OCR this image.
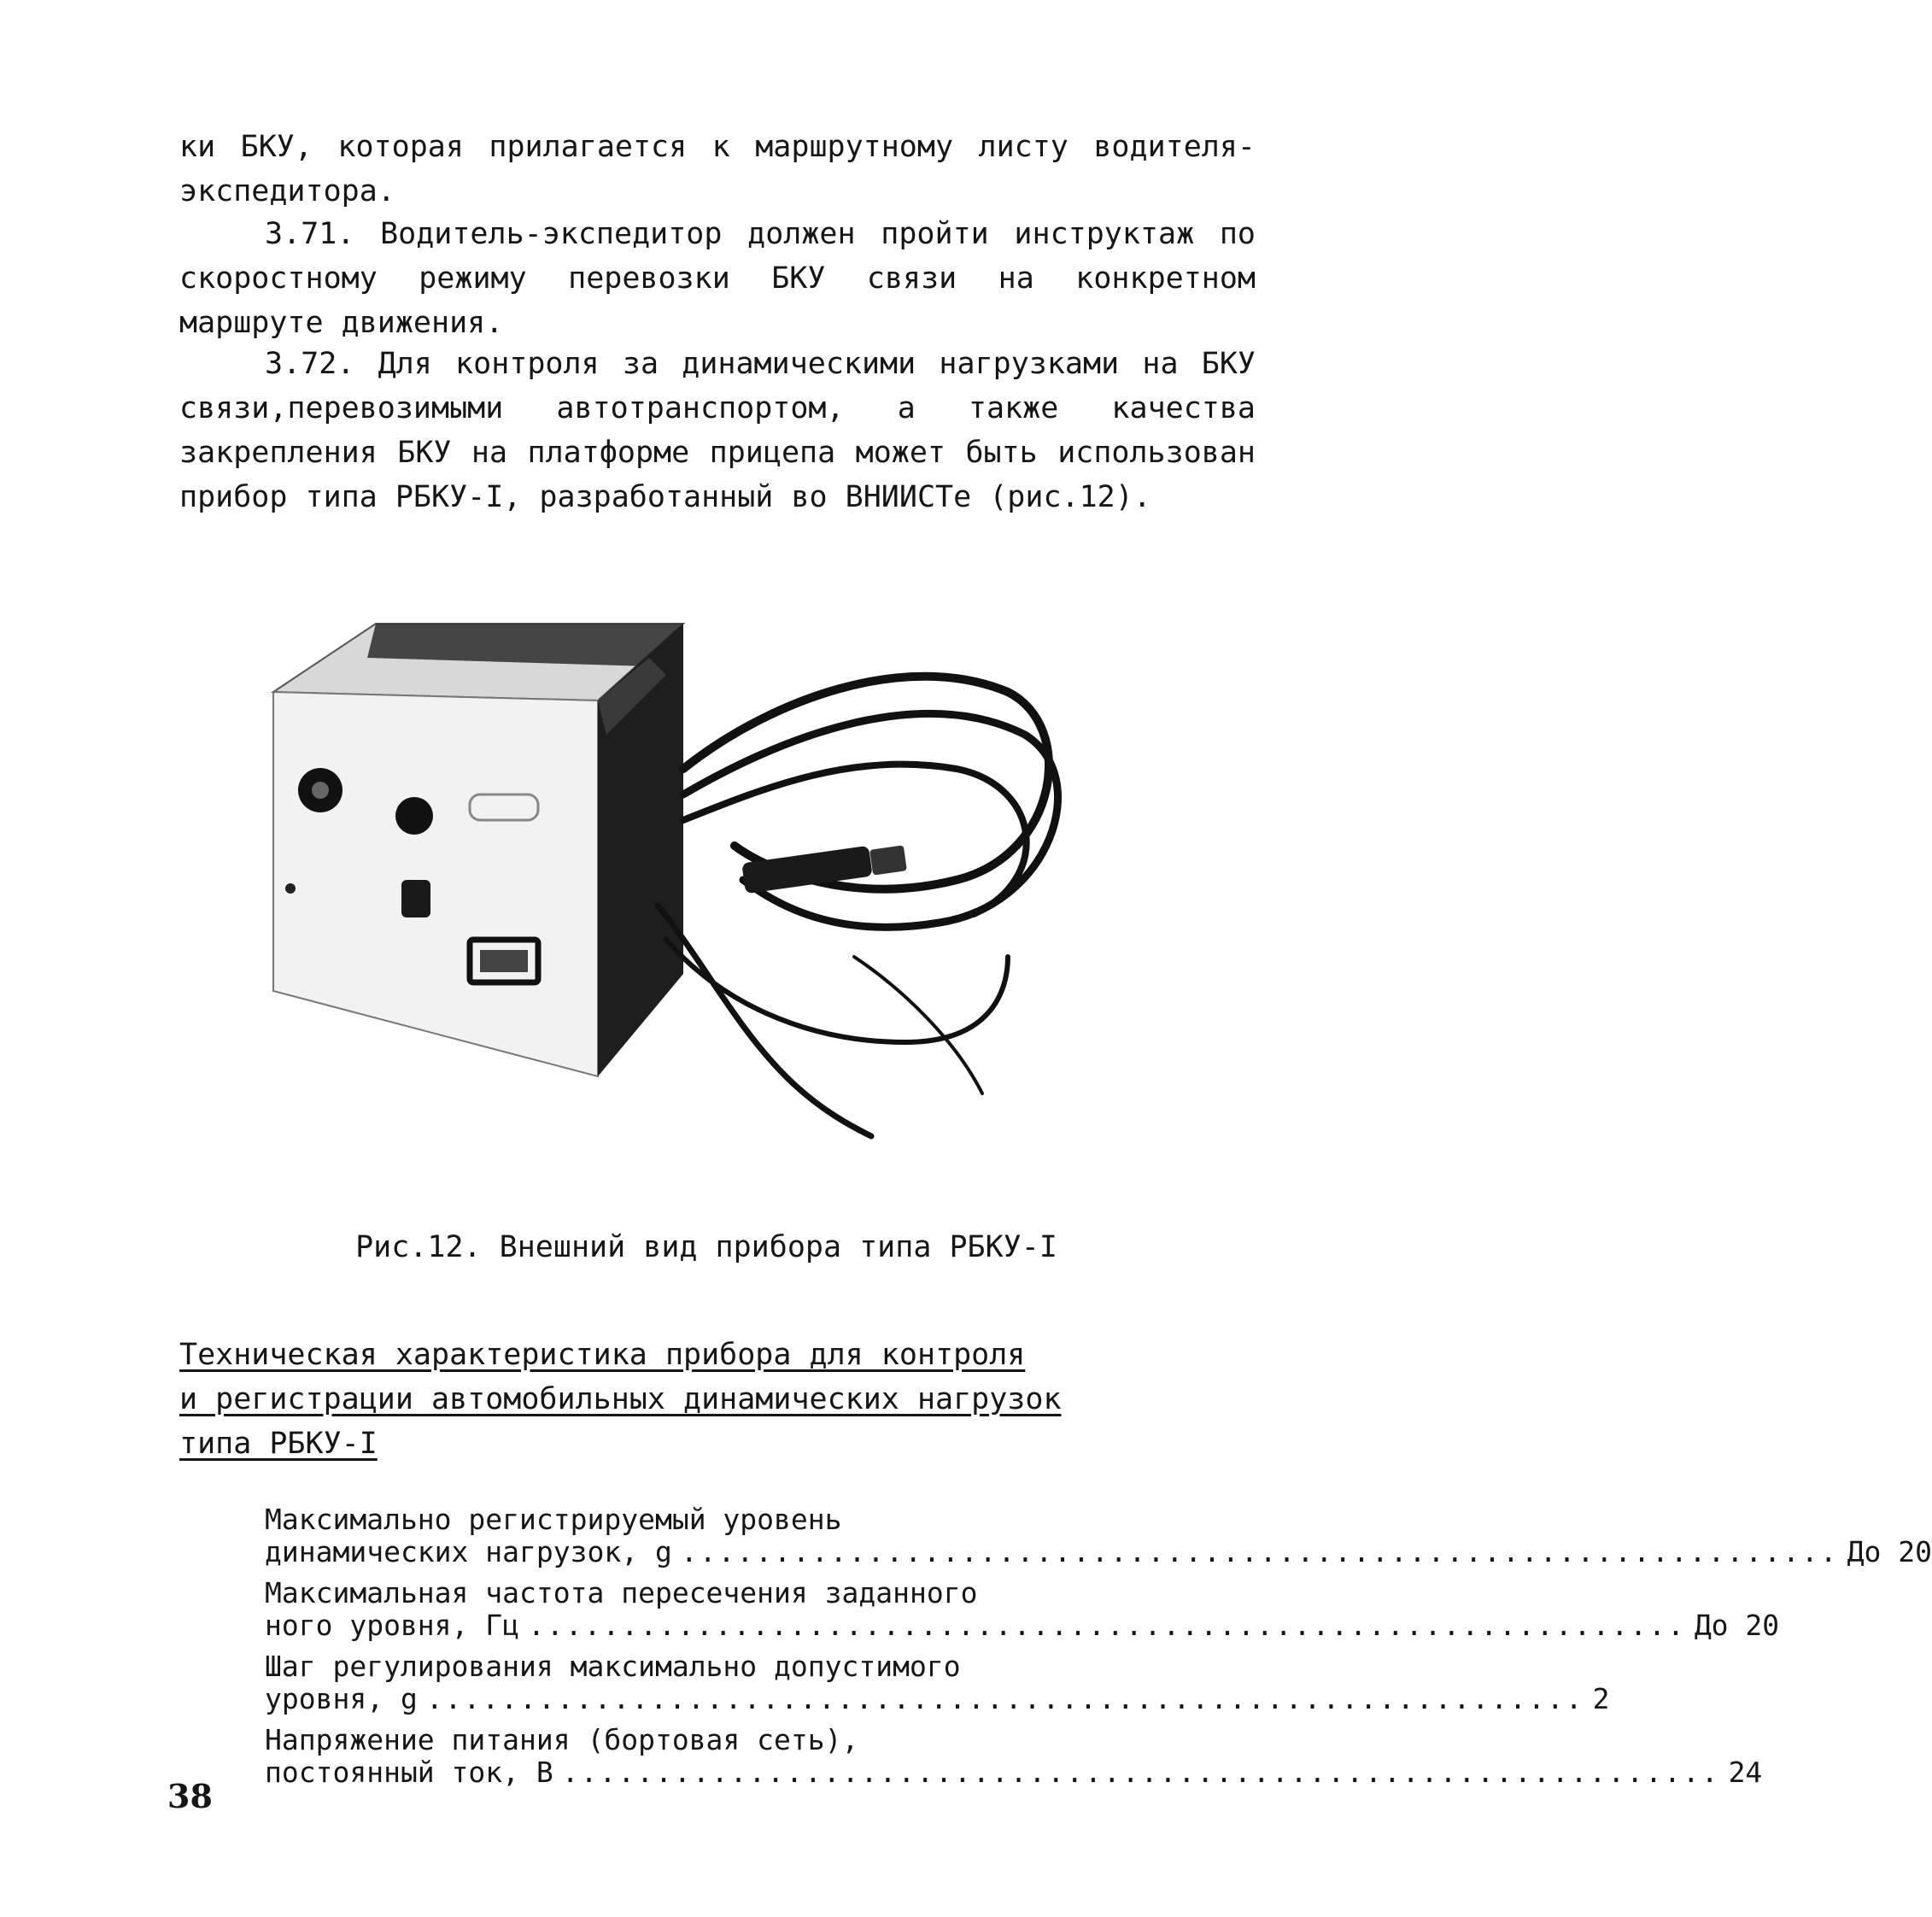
ки БКУ, которая прилагается к маршрутному листу водителя-экспедитора.

3.71. Водитель-экспедитор должен пройти инструктаж по скоростному режиму перевозки БКУ связи на конкретном маршруте движения.

3.72. Для контроля за динамическими нагрузками на БКУ связи,перевозимыми автотранспортом, а также качества закрепления БКУ на платформе прицепа может быть использован прибор типа РБКУ-I, разработанный во ВНИИСТе (рис.12).

Рис.12. Внешний вид прибора типа РБКУ-I

Техническая характеристика прибора для контроля
и регистрации автомобильных динамических нагрузок
типа РБКУ-I
Максимально регистрируемый уровень
динамических нагрузок, g .............................................................. До 20
Максимальная частота пересечения заданного
ного уровня, Гц .............................................................. До 20
Шаг регулирования максимально допустимого
уровня, g .............................................................. 2
Напряжение питания (бортовая сеть),
постоянный ток, В .............................................................. 24
38
